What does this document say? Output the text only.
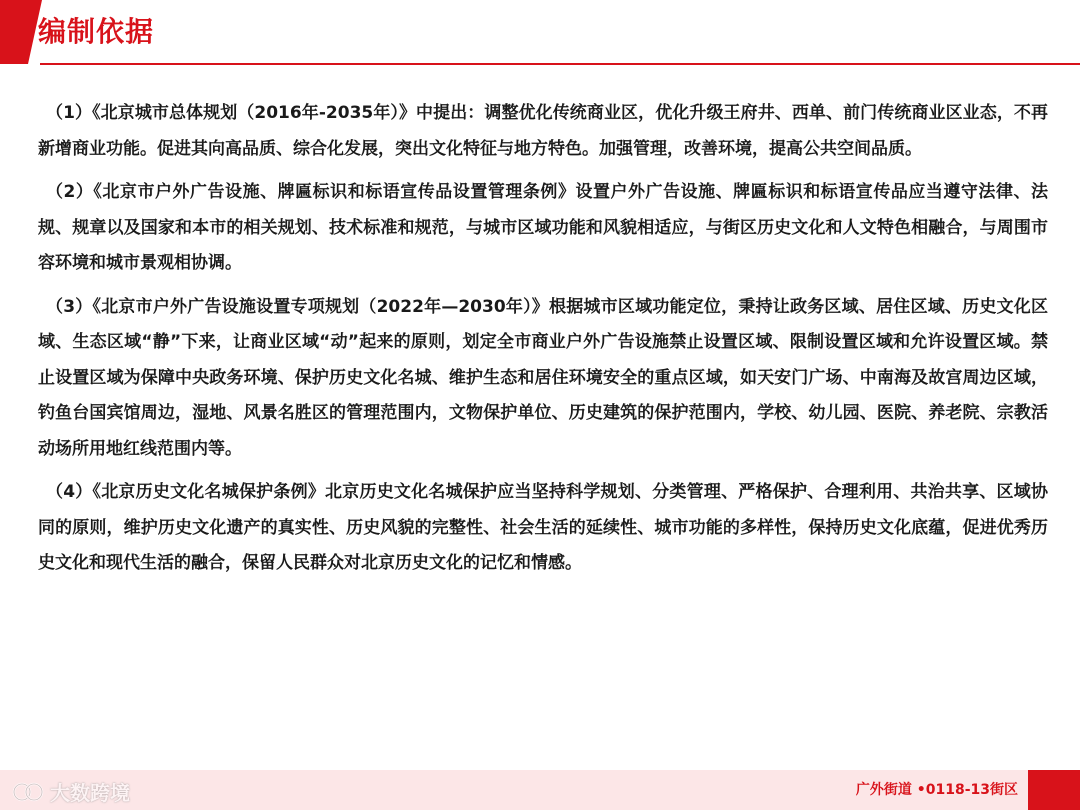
编制依据

（1）《北京城市总体规划（2016年-2035年）》中提出：调整优化传统商业区，优化升级王府井、西单、前门传统商业区业态，不再新增商业功能。促进其向高品质、综合化发展，突出文化特征与地方特色。加强管理，改善环境，提高公共空间品质。

（2）《北京市户外广告设施、牌匾标识和标语宣传品设置管理条例》设置户外广告设施、牌匾标识和标语宣传品应当遵守法律、法规、规章以及国家和本市的相关规划、技术标准和规范，与城市区域功能和风貌相适应，与街区历史文化和人文特色相融合，与周围市容环境和城市景观相协调。

（3）《北京市户外广告设施设置专项规划（2022年—2030年）》根据城市区域功能定位，秉持让政务区域、居住区域、历史文化区域、生态区域“静”下来，让商业区域“动”起来的原则，划定全市商业户外广告设施禁止设置区域、限制设置区域和允许设置区域。禁止设置区域为保障中央政务环境、保护历史文化名城、维护生态和居住环境安全的重点区域，如天安门广场、中南海及故宫周边区域，钓鱼台国宾馆周边，湿地、风景名胜区的管理范围内，文物保护单位、历史建筑的保护范围内，学校、幼儿园、医院、养老院、宗教活动场所用地红线范围内等。

（4）《北京历史文化名城保护条例》北京历史文化名城保护应当坚持科学规划、分类管理、严格保护、合理利用、共治共享、区域协同的原则，维护历史文化遗产的真实性、历史风貌的完整性、社会生活的延续性、城市功能的多样性，保持历史文化底蕴，促进优秀历史文化和现代生活的融合，保留人民群众对北京历史文化的记忆和情感。

广外街道 •0118-13街区
大数跨境
